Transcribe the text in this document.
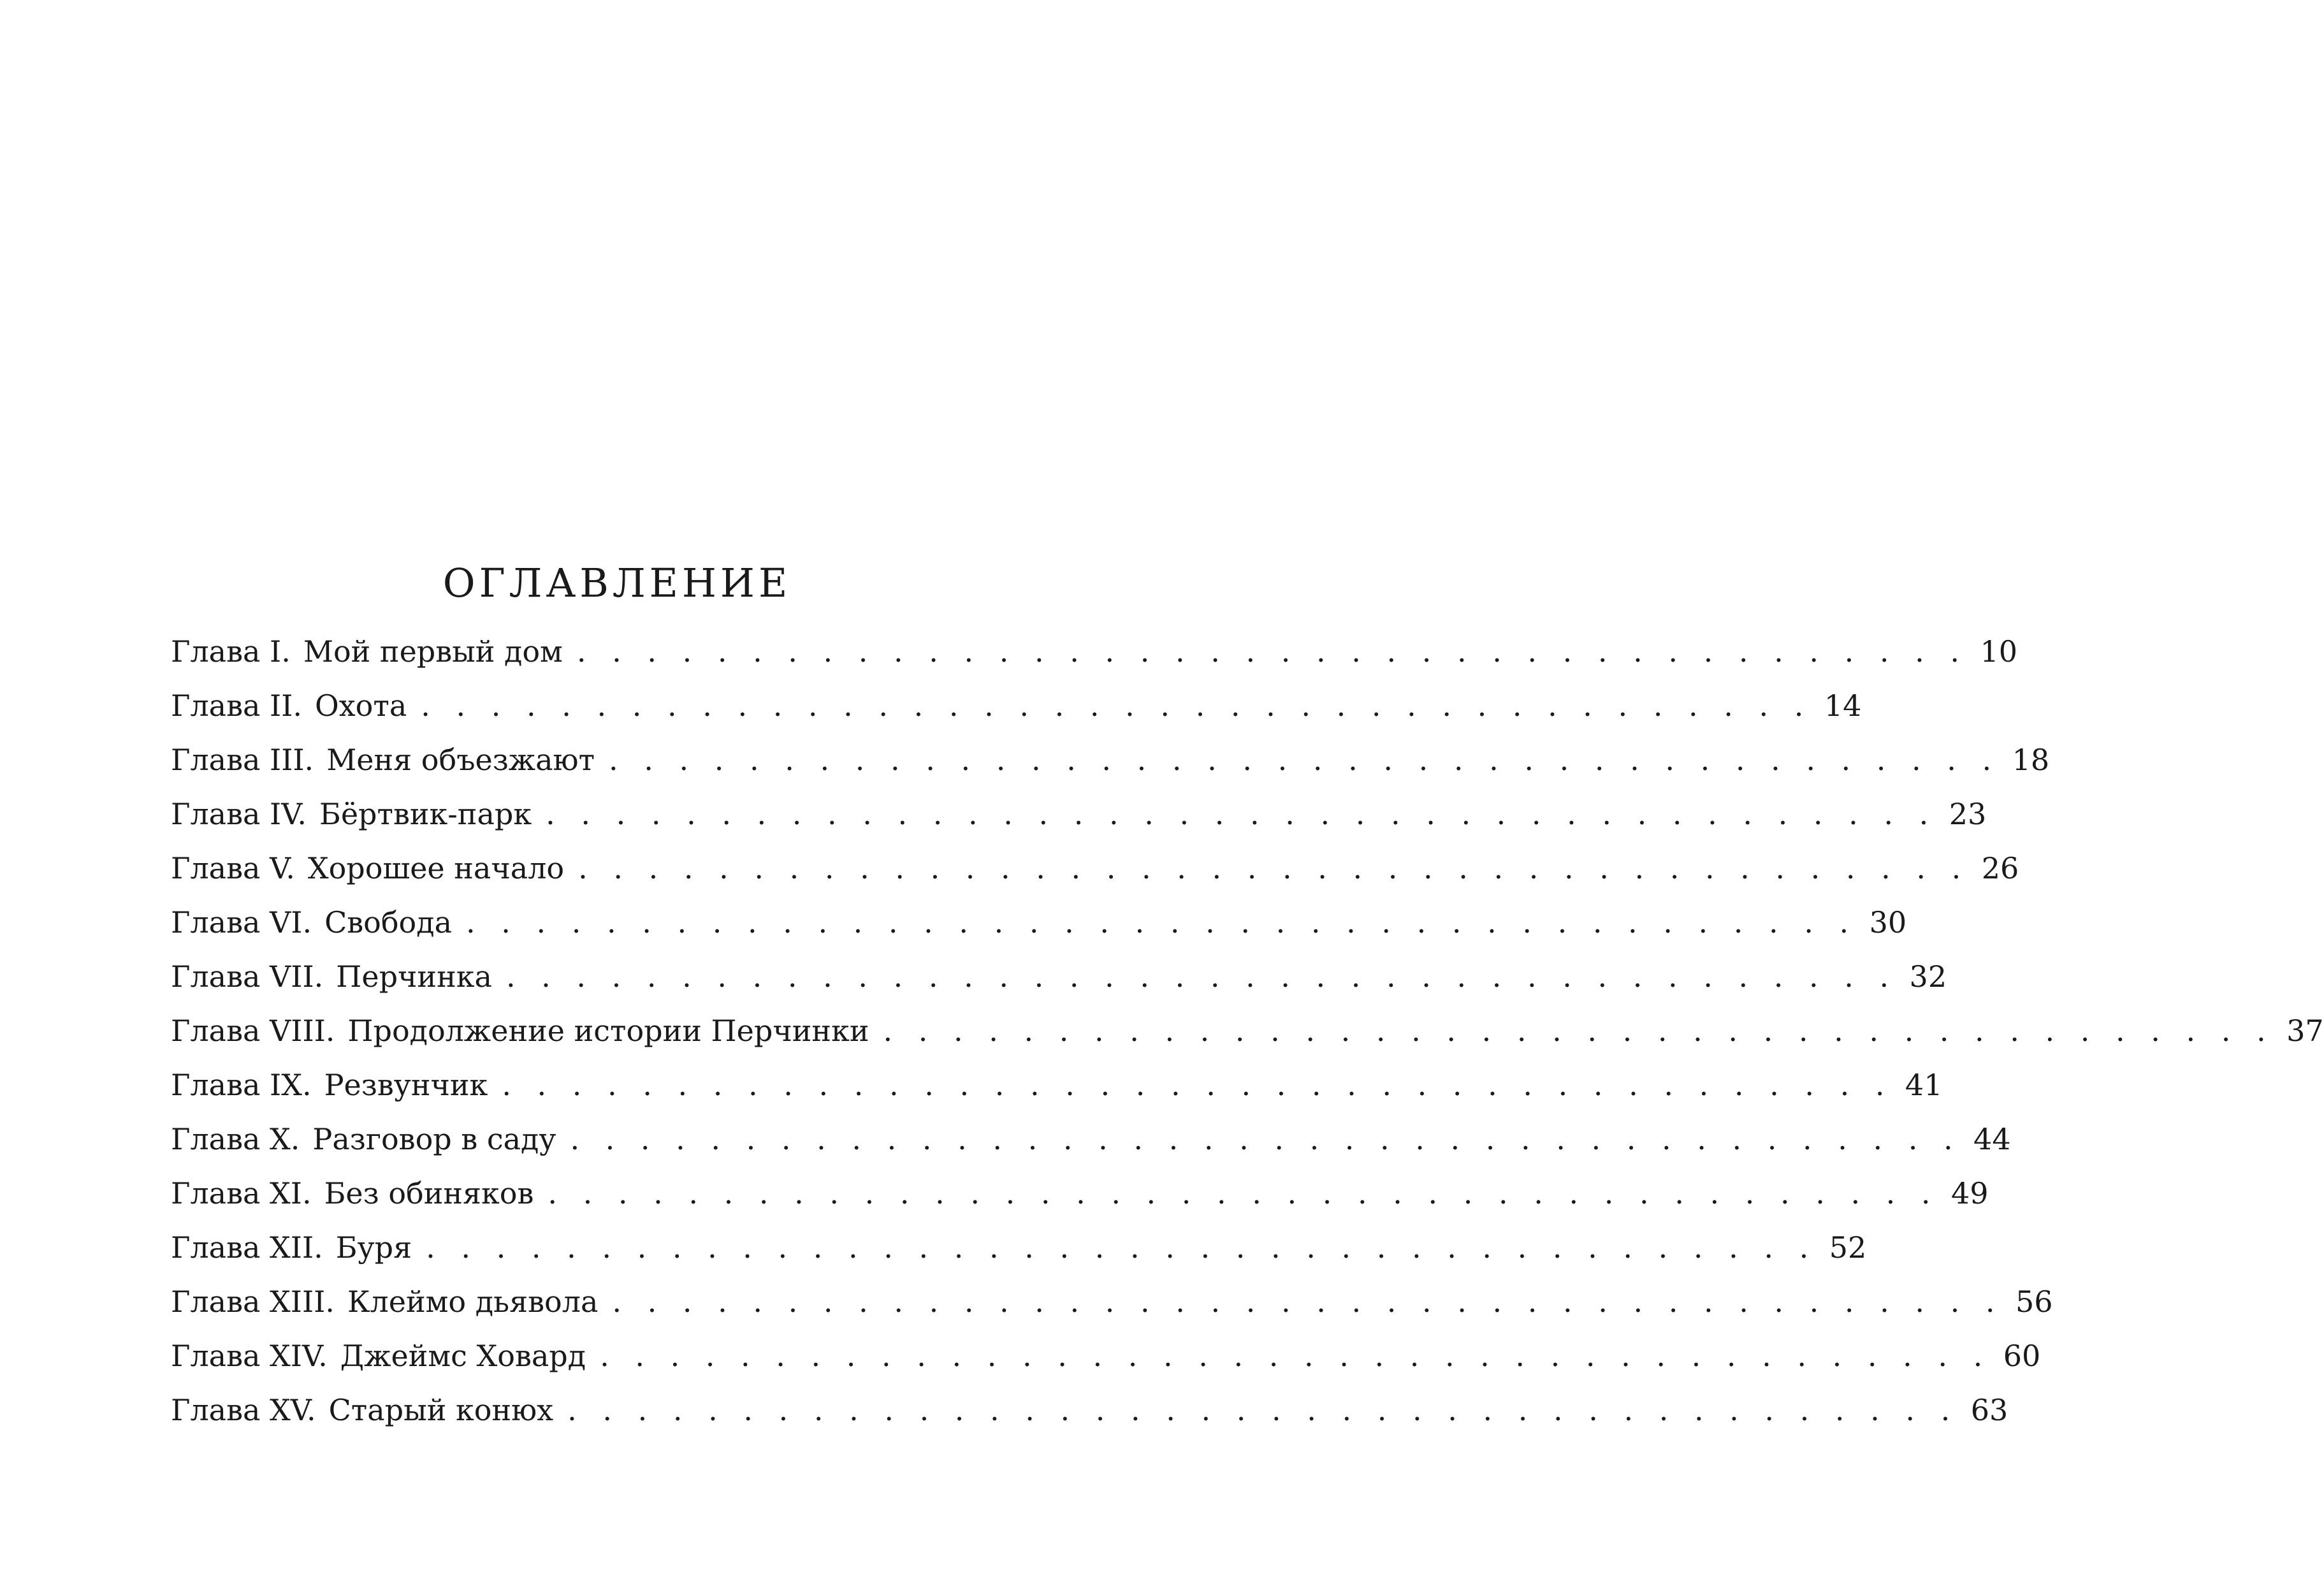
ОГЛАВЛЕНИЕ
Глава I. Мой первый дом . . . . . . . . . . . . . . . . . . . . . . . . . . . . . . . . . . . . . . . . 10
Глава II. Охота . . . . . . . . . . . . . . . . . . . . . . . . . . . . . . . . . . . . . . . . 14
Глава III. Меня объезжают . . . . . . . . . . . . . . . . . . . . . . . . . . . . . . . . . . . . . . . . 18
Глава IV. Бёртвик-парк . . . . . . . . . . . . . . . . . . . . . . . . . . . . . . . . . . . . . . . . 23
Глава V. Хорошее начало . . . . . . . . . . . . . . . . . . . . . . . . . . . . . . . . . . . . . . . . 26
Глава VI. Свобода . . . . . . . . . . . . . . . . . . . . . . . . . . . . . . . . . . . . . . . . 30
Глава VII. Перчинка . . . . . . . . . . . . . . . . . . . . . . . . . . . . . . . . . . . . . . . . 32
Глава VIII. Продолжение истории Перчинки . . . . . . . . . . . . . . . . . . . . . . . . . . . . . . . . . . . . . . . . 37
Глава IX. Резвунчик . . . . . . . . . . . . . . . . . . . . . . . . . . . . . . . . . . . . . . . . 41
Глава X. Разговор в саду . . . . . . . . . . . . . . . . . . . . . . . . . . . . . . . . . . . . . . . . 44
Глава XI. Без обиняков . . . . . . . . . . . . . . . . . . . . . . . . . . . . . . . . . . . . . . . . 49
Глава XII. Буря . . . . . . . . . . . . . . . . . . . . . . . . . . . . . . . . . . . . . . . . 52
Глава XIII. Клеймо дьявола . . . . . . . . . . . . . . . . . . . . . . . . . . . . . . . . . . . . . . . . 56
Глава XIV. Джеймс Ховард . . . . . . . . . . . . . . . . . . . . . . . . . . . . . . . . . . . . . . . . 60
Глава XV. Старый конюх . . . . . . . . . . . . . . . . . . . . . . . . . . . . . . . . . . . . . . . . 63
